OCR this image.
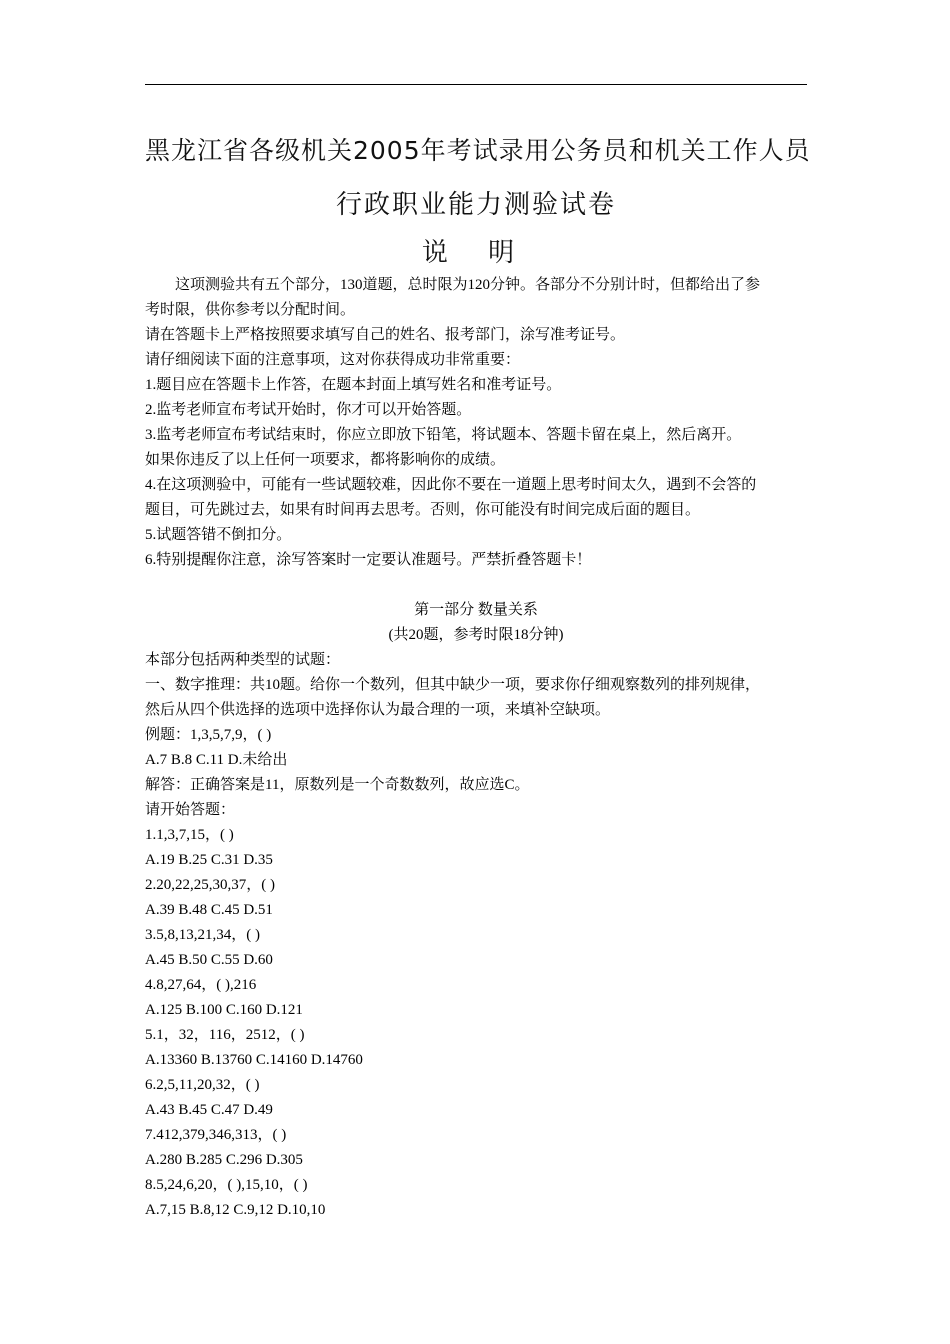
黑龙江省各级机关2005年考试录用公务员和机关工作人员
行政职业能力测验试卷
说 明
这项测验共有五个部分，130道题，总时限为120分钟。各部分不分别计时，但都给出了参
考时限，供你参考以分配时间。
请在答题卡上严格按照要求填写自己的姓名、报考部门，涂写准考证号。
请仔细阅读下面的注意事项，这对你获得成功非常重要：
1.题目应在答题卡上作答，在题本封面上填写姓名和准考证号。
2.监考老师宣布考试开始时，你才可以开始答题。
3.监考老师宣布考试结束时，你应立即放下铅笔，将试题本、答题卡留在桌上，然后离开。
如果你违反了以上任何一项要求，都将影响你的成绩。
4.在这项测验中，可能有一些试题较难，因此你不要在一道题上思考时间太久，遇到不会答的
题目，可先跳过去，如果有时间再去思考。否则，你可能没有时间完成后面的题目。
5.试题答错不倒扣分。
6.特别提醒你注意，涂写答案时一定要认准题号。严禁折叠答题卡！
第一部分 数量关系
(共20题，参考时限18分钟)
本部分包括两种类型的试题：
一、数字推理：共10题。给你一个数列，但其中缺少一项，要求你仔细观察数列的排列规律，
然后从四个供选择的选项中选择你认为最合理的一项，来填补空缺项。
例题：1,3,5,7,9，( )
A.7 B.8 C.11 D.未给出
解答：正确答案是11，原数列是一个奇数数列，故应选C。
请开始答题：
1.1,3,7,15，( )
A.19 B.25 C.31 D.35
2.20,22,25,30,37，( )
A.39 B.48 C.45 D.51
3.5,8,13,21,34，( )
A.45 B.50 C.55 D.60
4.8,27,64，( ),216
A.125 B.100 C.160 D.121
5.1，32，116，2512，( )
A.13360 B.13760 C.14160 D.14760
6.2,5,11,20,32，( )
A.43 B.45 C.47 D.49
7.412,379,346,313，( )
A.280 B.285 C.296 D.305
8.5,24,6,20，( ),15,10，( )
A.7,15 B.8,12 C.9,12 D.10,10
